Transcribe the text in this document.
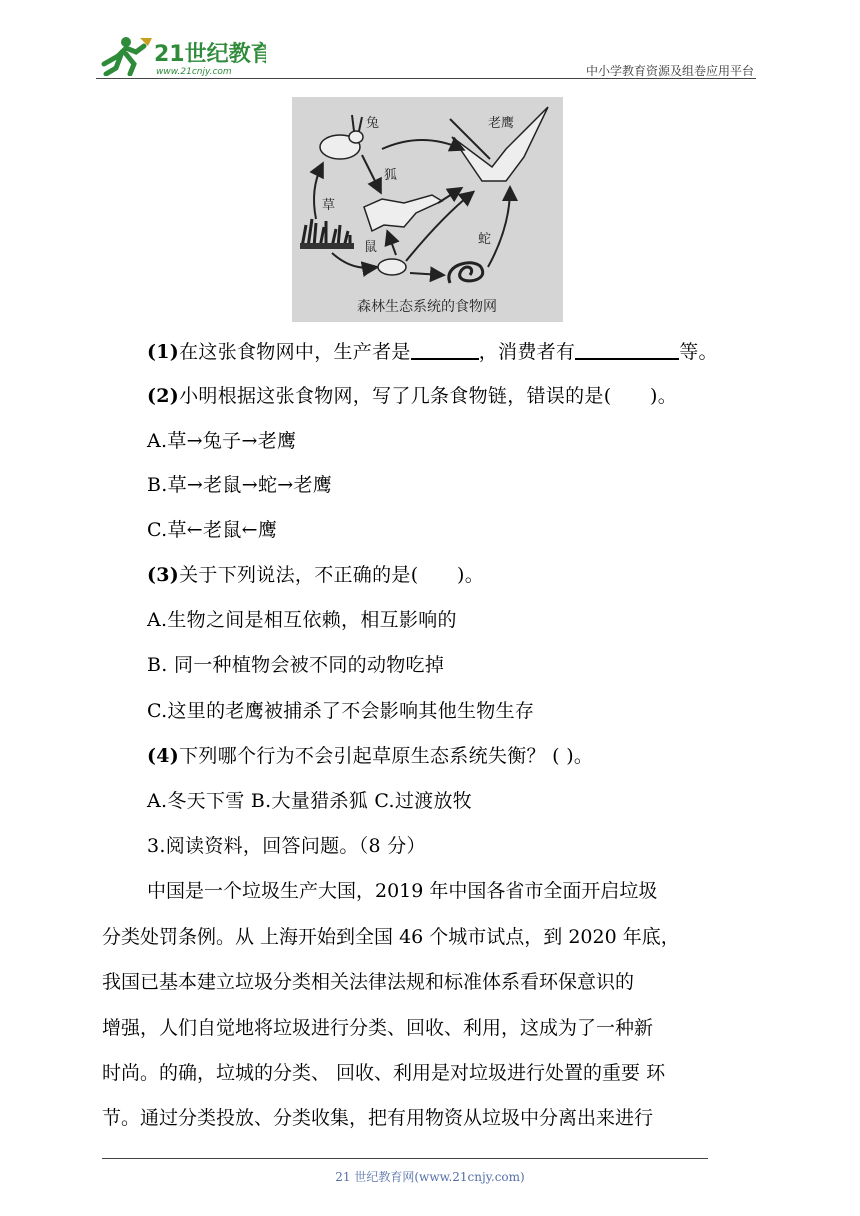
21世纪教育
www.21cnjy.com	中小学教育资源及组卷应用平台
草
兔	老鹰
狐
鼠
蛇
森林生态系统的食物网
(1)在这张食物网中，生产者是	，消费者有	等。
(2)小明根据这张食物网，写了几条食物链，错误的是(　　)。
A.草→兔子→老鹰
B.草→老鼠→蛇→老鹰
C.草←老鼠←鹰
(3)关于下列说法，不正确的是(　　)。
A.生物之间是相互依赖，相互影响的
B. 同一种植物会被不同的动物吃掉
C.这里的老鹰被捕杀了不会影响其他生物生存
(4)下列哪个行为不会引起草原生态系统失衡？ ( )。
A.冬天下雪 B.大量猎杀狐 C.过渡放牧
3.阅读资料，回答问题。（8 分）
中国是一个垃圾生产大国，2019 年中国各省市全面开启垃圾
分类处罚条例。从 上海开始到全国 46 个城市试点，到 2020 年底，
我国已基本建立垃圾分类相关法律法规和标准体系看环保意识的
增强，人们自觉地将垃圾进行分类、回收、利用，这成为了一种新
时尚。的确，垃城的分类、 回收、利用是对垃圾进行处置的重要 环
节。通过分类投放、分类收集，把有用物资从垃圾中分离出来进行
21 世纪教育网(www.21cnjy.com)
